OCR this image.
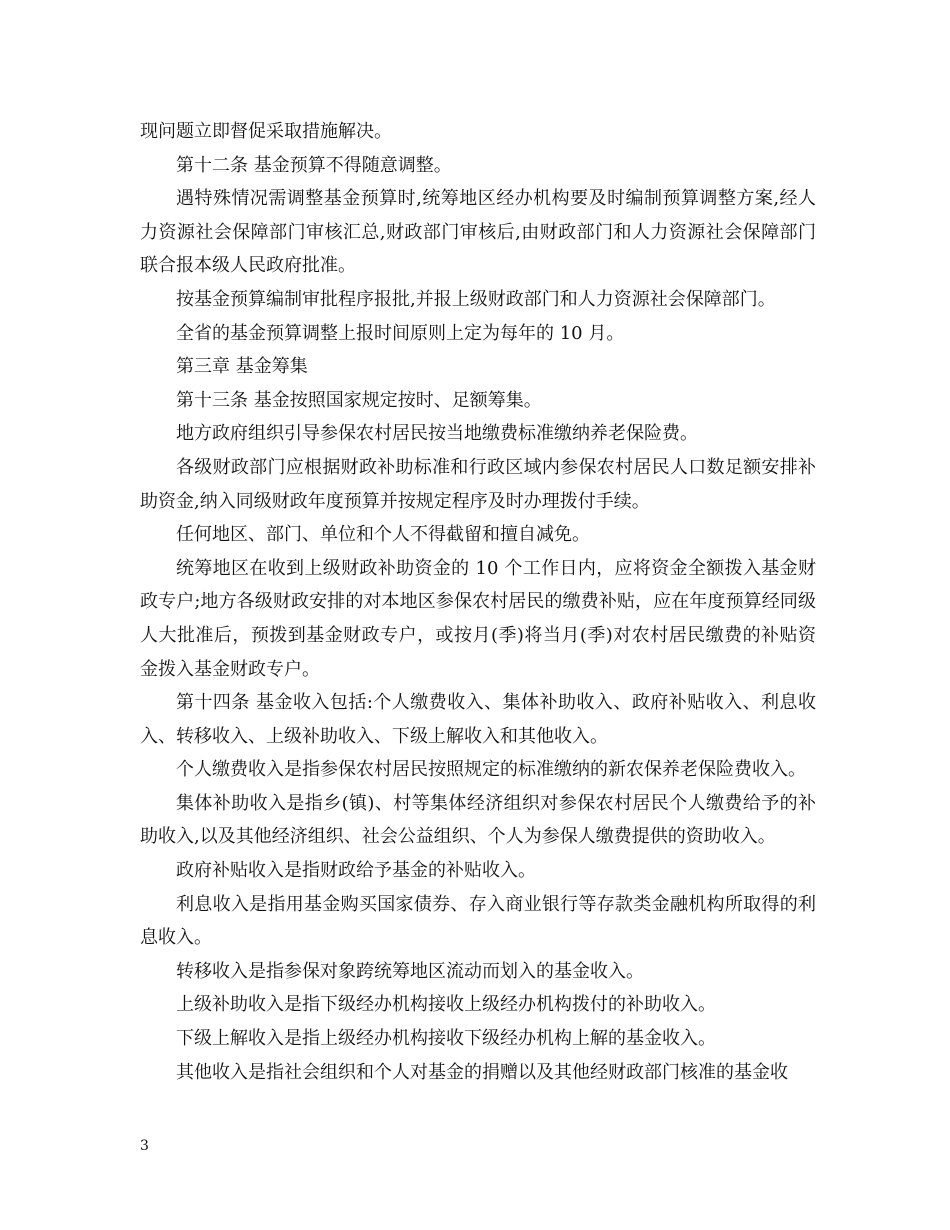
现问题立即督促采取措施解决。

第十二条 基金预算不得随意调整。

遇特殊情况需调整基金预算时,统筹地区经办机构要及时编制预算调整方案,经人力资源社会保障部门审核汇总,财政部门审核后,由财政部门和人力资源社会保障部门联合报本级人民政府批准。

按基金预算编制审批程序报批,并报上级财政部门和人力资源社会保障部门。

全省的基金预算调整上报时间原则上定为每年的 10 月。

第三章 基金筹集

第十三条 基金按照国家规定按时、足额筹集。

地方政府组织引导参保农村居民按当地缴费标准缴纳养老保险费。

各级财政部门应根据财政补助标准和行政区域内参保农村居民人口数足额安排补助资金,纳入同级财政年度预算并按规定程序及时办理拨付手续。

任何地区、部门、单位和个人不得截留和擅自减免。

统筹地区在收到上级财政补助资金的 10 个工作日内，应将资金全额拨入基金财政专户;地方各级财政安排的对本地区参保农村居民的缴费补贴，应在年度预算经同级人大批准后，预拨到基金财政专户，或按月(季)将当月(季)对农村居民缴费的补贴资金拨入基金财政专户。

第十四条 基金收入包括:个人缴费收入、集体补助收入、政府补贴收入、利息收入、转移收入、上级补助收入、下级上解收入和其他收入。

个人缴费收入是指参保农村居民按照规定的标准缴纳的新农保养老保险费收入。

集体补助收入是指乡(镇)、村等集体经济组织对参保农村居民个人缴费给予的补助收入,以及其他经济组织、社会公益组织、个人为参保人缴费提供的资助收入。

政府补贴收入是指财政给予基金的补贴收入。

利息收入是指用基金购买国家债券、存入商业银行等存款类金融机构所取得的利息收入。

转移收入是指参保对象跨统筹地区流动而划入的基金收入。

上级补助收入是指下级经办机构接收上级经办机构拨付的补助收入。

下级上解收入是指上级经办机构接收下级经办机构上解的基金收入。

其他收入是指社会组织和个人对基金的捐赠以及其他经财政部门核准的基金收

3
